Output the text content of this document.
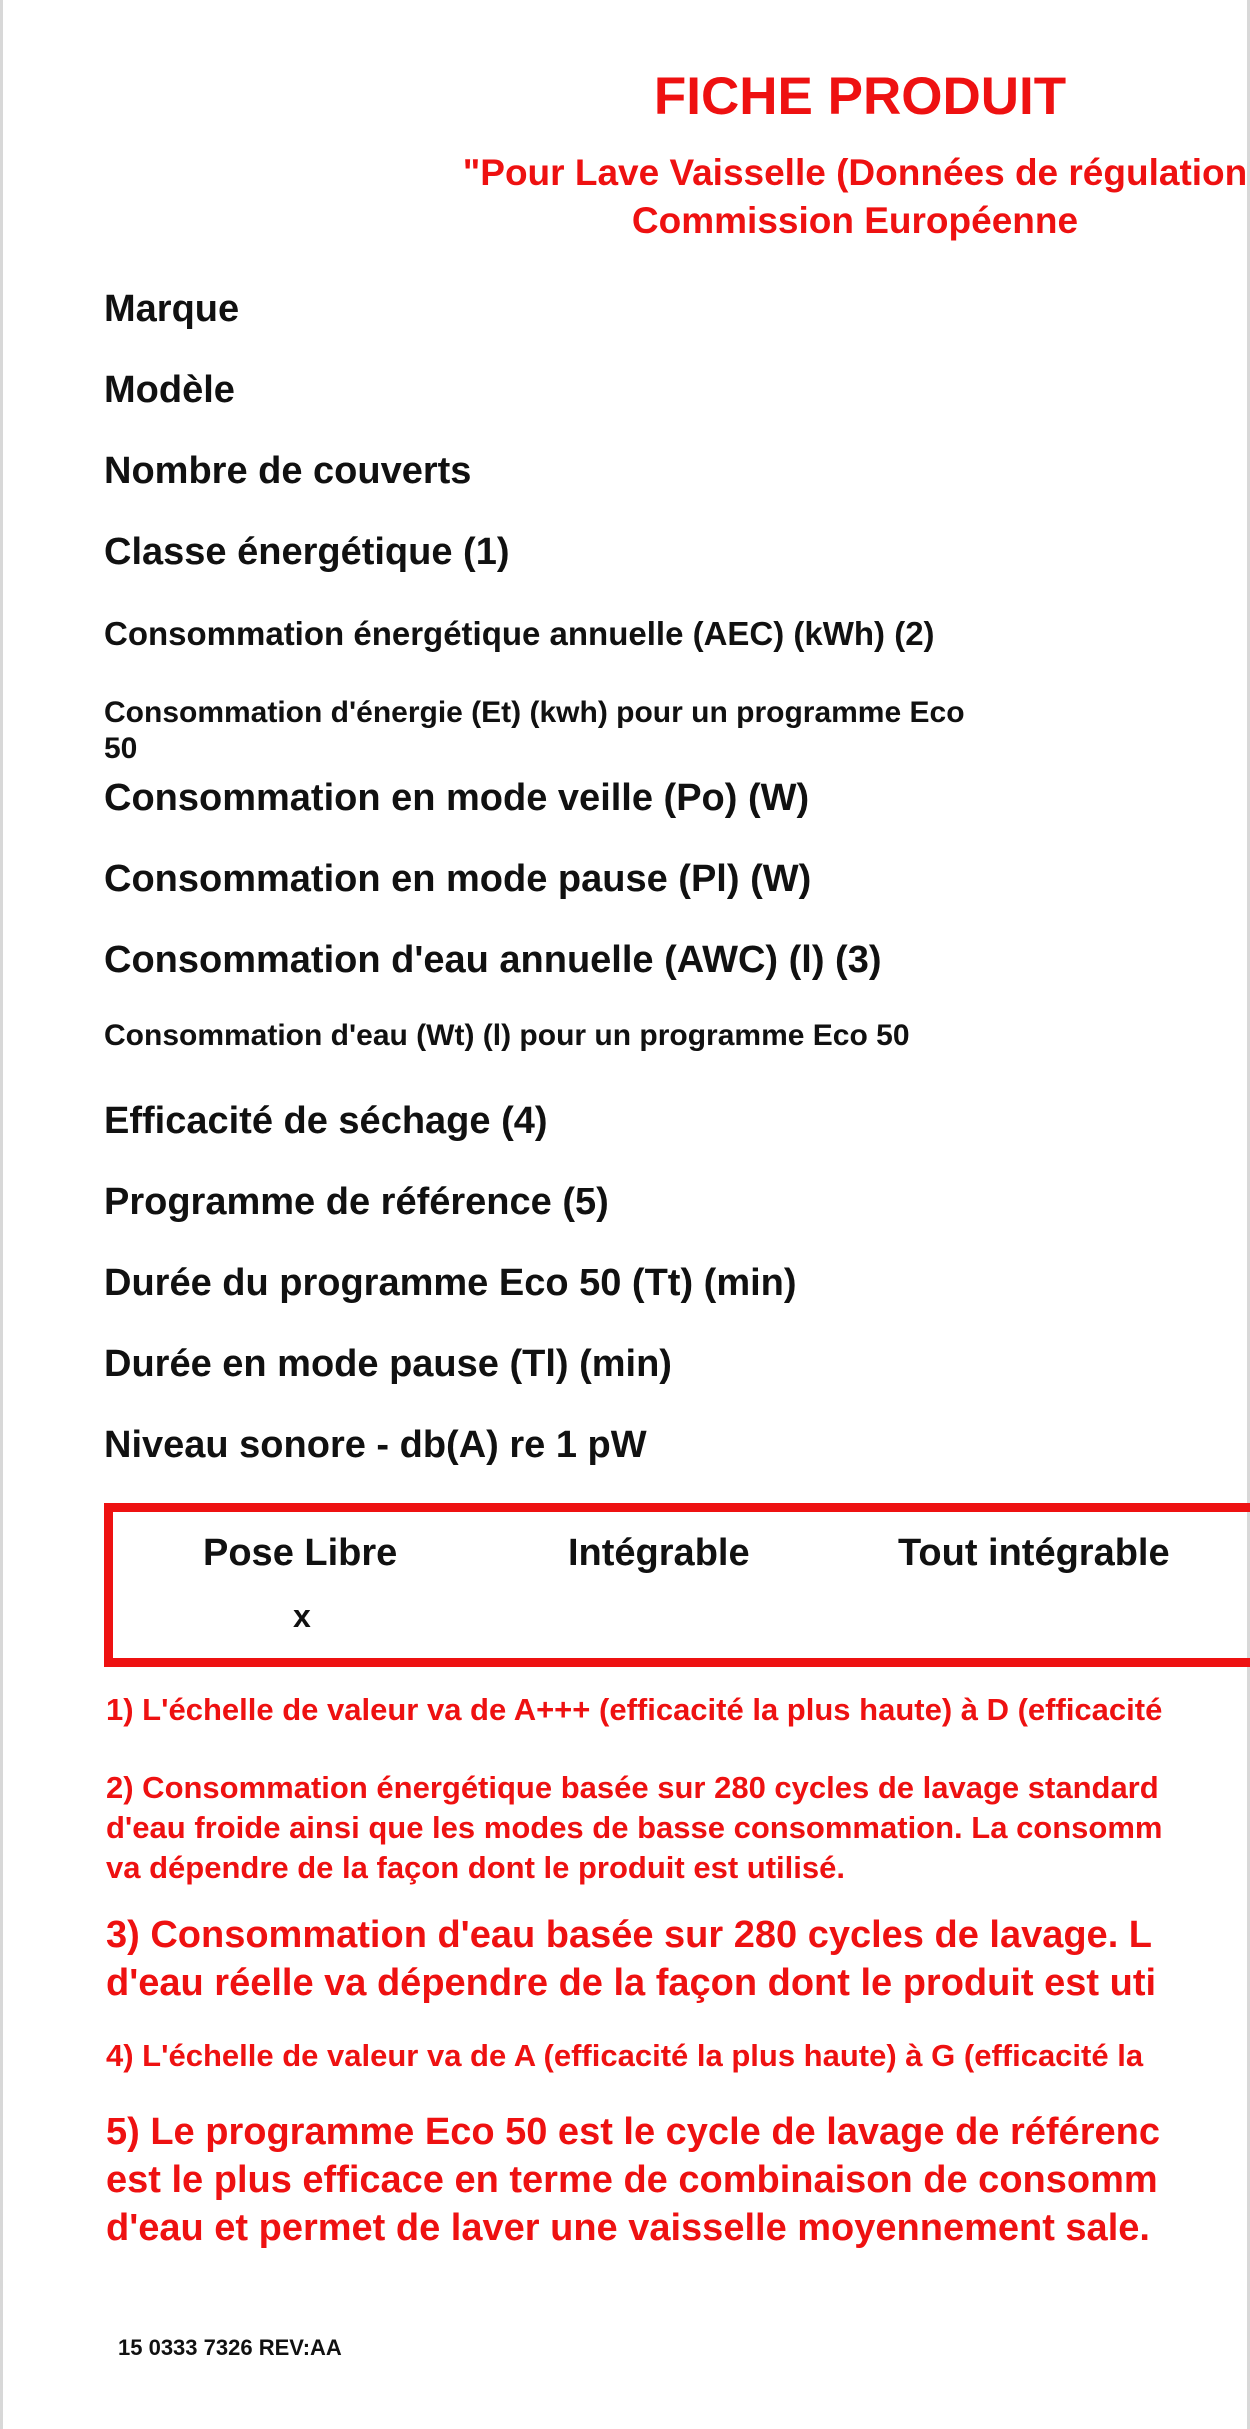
FICHE PRODUIT
"Pour Lave Vaisselle (Données de régulation
Commission Européenne
Marque
Modèle
Nombre de couverts
Classe énergétique (1)
Consommation énergétique annuelle (AEC) (kWh) (2)
Consommation d'énergie (Et) (kwh) pour un programme Eco
50
Consommation en mode veille (Po) (W)
Consommation en mode pause (Pl) (W)
Consommation d'eau annuelle (AWC) (l) (3)
Consommation d'eau (Wt) (l) pour un programme Eco 50
Efficacité de séchage (4)
Programme de référence (5)
Durée du programme Eco 50 (Tt) (min)
Durée en mode pause (Tl) (min)
Niveau sonore - db(A) re 1 pW
Pose Libre	Intégrable	Tout intégrable
x
1) L'échelle de valeur va de A+++ (efficacité la plus haute) à D (efficacité
2) Consommation énergétique basée sur 280 cycles de lavage standard
d'eau froide ainsi que les modes de basse consommation. La consomm
va dépendre de la façon dont le produit est utilisé.
3) Consommation d'eau basée sur 280 cycles de lavage. L
d'eau réelle va dépendre de la façon dont le produit est uti
4) L'échelle de valeur va de A (efficacité la plus haute) à G (efficacité la
5) Le programme Eco 50 est le cycle de lavage de référenc
est le plus efficace en terme de combinaison de consomm
d'eau et permet de laver une vaisselle moyennement sale.
15 0333 7326 REV:AA
